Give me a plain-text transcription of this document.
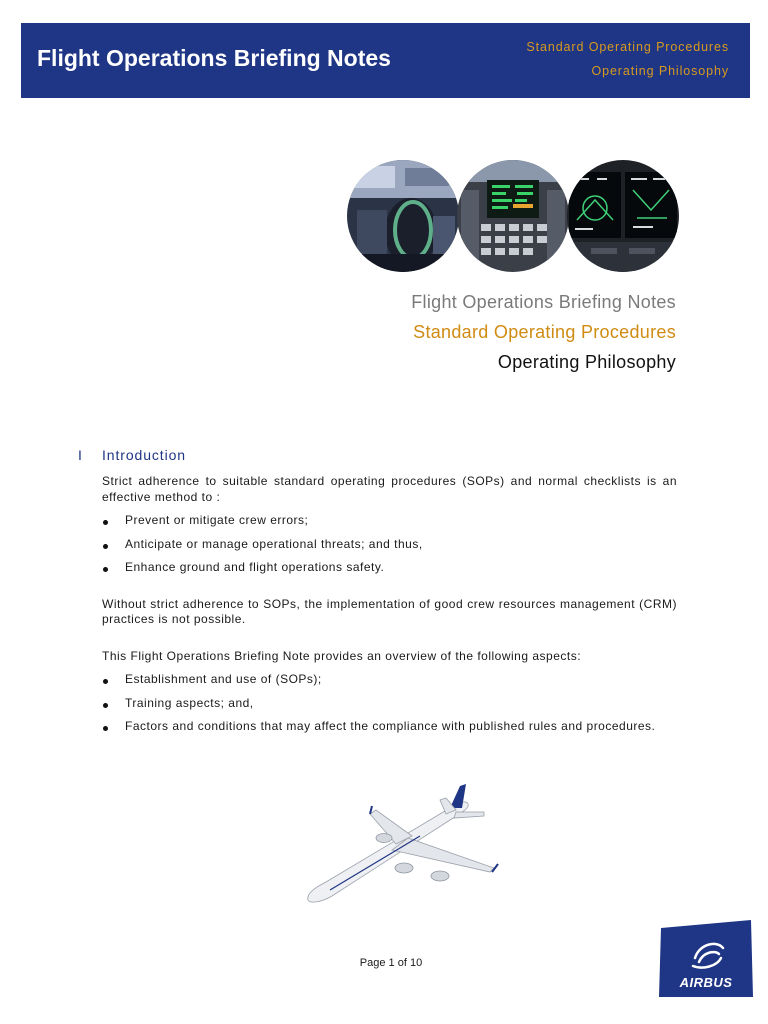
Flight Operations Briefing Notes	Standard Operating Procedures
Operating Philosophy
Flight Operations Briefing Notes
Standard Operating Procedures
Operating Philosophy
I Introduction

Strict adherence to suitable standard operating procedures (SOPs) and normal checklists is an effective method to :

Prevent or mitigate crew errors;
Anticipate or manage operational threats; and thus,
Enhance ground and flight operations safety.

Without strict adherence to SOPs, the implementation of good crew resources management (CRM) practices is not possible.

This Flight Operations Briefing Note provides an overview of the following aspects:

Establishment and use of (SOPs);
Training aspects; and,
Factors and conditions that may affect the compliance with published rules and procedures.
Page 1 of 10
AIRBUS
